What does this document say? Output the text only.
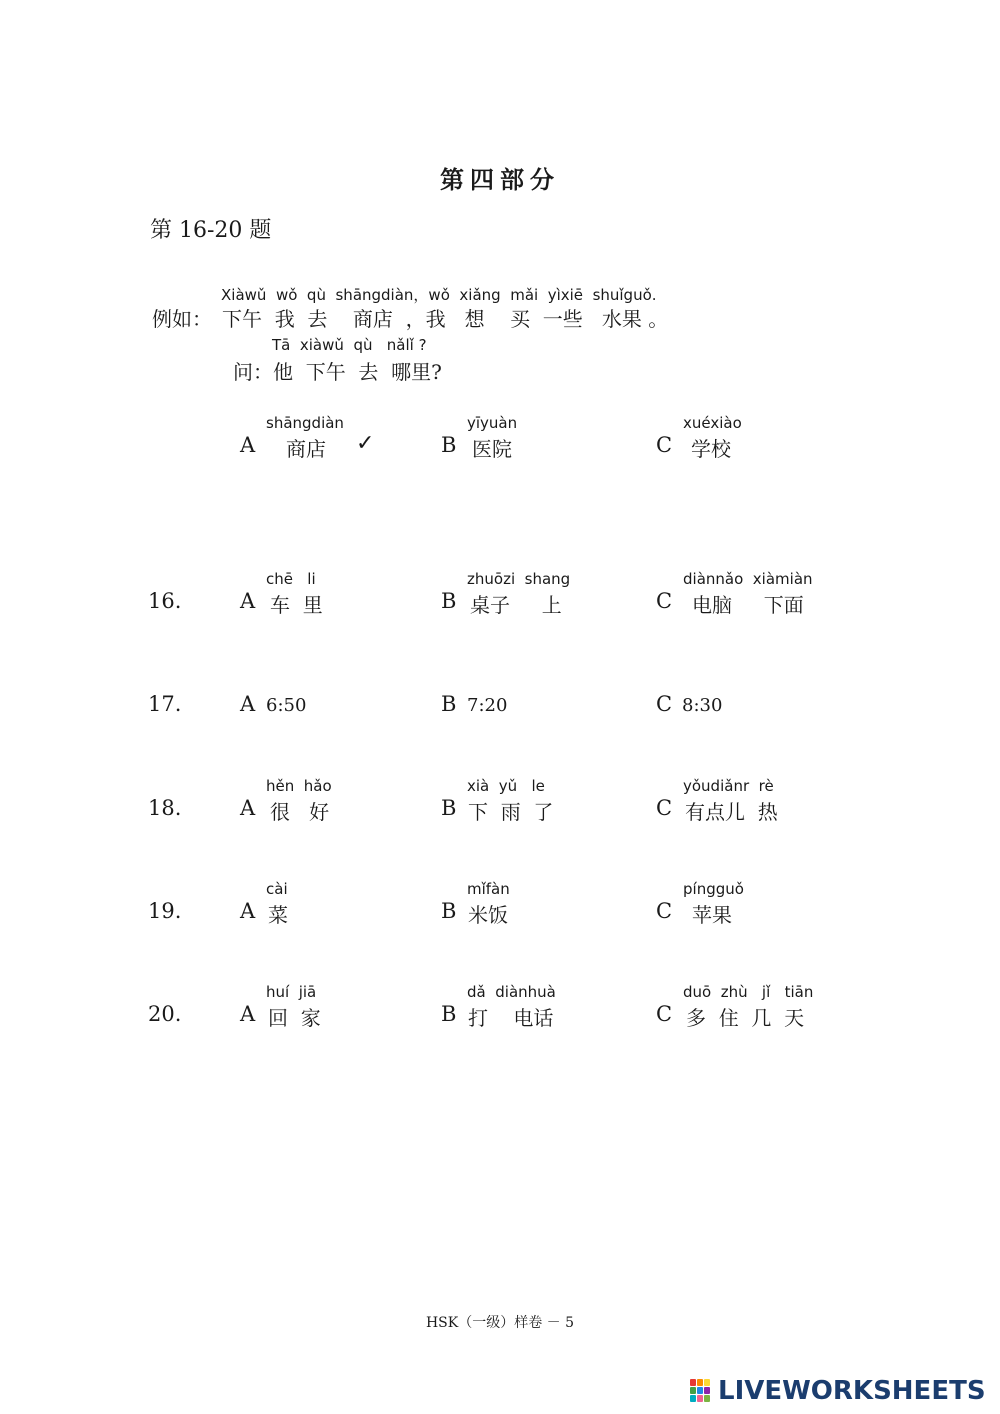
第四部分
第 16-20 题
Xiàwǔ  wǒ  qù  shāngdiàn，wǒ  xiǎng  mǎi  yìxiē  shuǐguǒ.
例如： 下午  我  去    商店  ，我   想    买  一些   水果 。
Tā  xiàwǔ  qù   nǎlǐ ?
问：他  下午  去  哪里?
A
shāngdiàn
商店 ✓	B
yīyuàn
医院	C
xuéxiào
学校
16.	A
chē   li
车  里	B
zhuōzi  shang
桌子     上	C
diànnǎo  xiàmiàn
电脑     下面
17.	A 6:50	B 7:20	C 8:30
18.	A
hěn  hǎo
很   好	B
xià  yǔ   le
下  雨  了	C
yǒudiǎnr  rè
有点儿  热
19.	A
cài
菜	B
mǐfàn
米饭	C
píngguǒ
苹果
20.	A
huí  jiā
回  家	B
dǎ  diànhuà
打    电话	C
duō  zhù   jǐ   tiān
多  住  几  天
HSK（一级）样卷 － 5
LIVEWORKSHEETS
